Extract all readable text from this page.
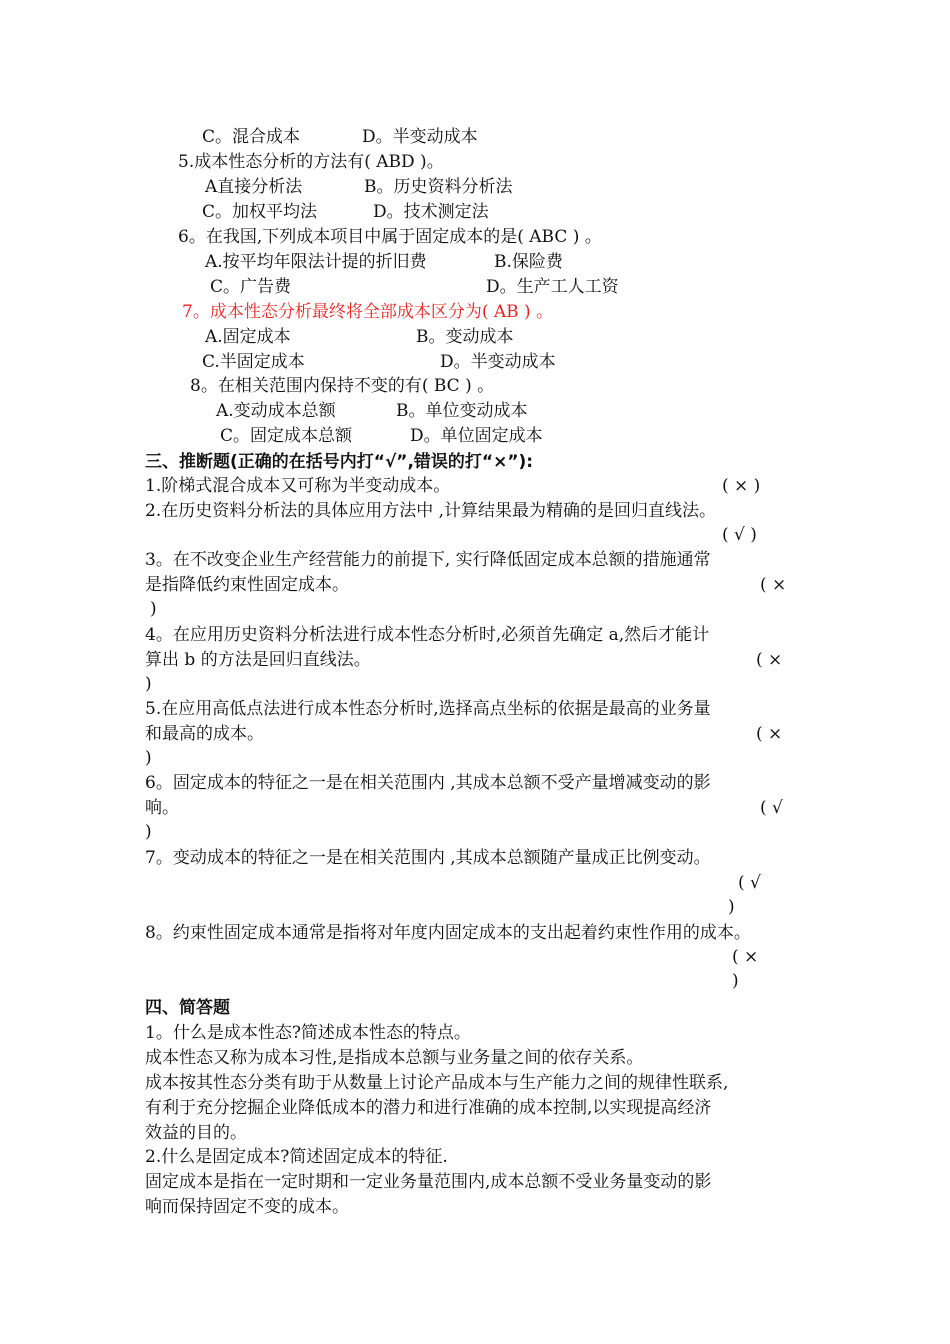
C。混合成本	D。半变动成本
5.成本性态分析的方法有( ABD )。
A直接分析法	B。历史资料分析法
C。加权平均法	D。技术测定法
6。在我国,下列成本项目中属于固定成本的是( ABC ) 。
A.按平均年限法计提的折旧费	B.保险费
C。广告费	D。生产工人工资
7。成本性态分析最终将全部成本区分为( AB ) 。
A.固定成本	B。变动成本
C.半固定成本	D。半变动成本
8。在相关范围内保持不变的有( BC ) 。
A.变动成本总额	B。单位变动成本
C。固定成本总额	D。单位固定成本
三、推断题(正确的在括号内打“√”,错误的打“×”):
1.阶梯式混合成本又可称为半变动成本。	( × )
2.在历史资料分析法的具体应用方法中 ,计算结果最为精确的是回归直线法。
( √ )
3。在不改变企业生产经营能力的前提下, 实行降低固定成本总额的措施通常
是指降低约束性固定成本。	( ×
)
4。在应用历史资料分析法进行成本性态分析时,必须首先确定 a,然后才能计
算出 b 的方法是回归直线法。	( ×
)
5.在应用高低点法进行成本性态分析时,选择高点坐标的依据是最高的业务量
和最高的成本。	( ×
)
6。固定成本的特征之一是在相关范围内 ,其成本总额不受产量增减变动的影
响。	( √
)
7。变动成本的特征之一是在相关范围内 ,其成本总额随产量成正比例变动。
( √
)
8。约束性固定成本通常是指将对年度内固定成本的支出起着约束性作用的成本。
( ×
)
四、简答题
1。什么是成本性态?简述成本性态的特点。
成本性态又称为成本习性,是指成本总额与业务量之间的依存关系。
成本按其性态分类有助于从数量上讨论产品成本与生产能力之间的规律性联系,
有利于充分挖掘企业降低成本的潜力和进行准确的成本控制,以实现提高经济
效益的目的。
2.什么是固定成本?简述固定成本的特征.
固定成本是指在一定时期和一定业务量范围内,成本总额不受业务量变动的影
响而保持固定不变的成本。
